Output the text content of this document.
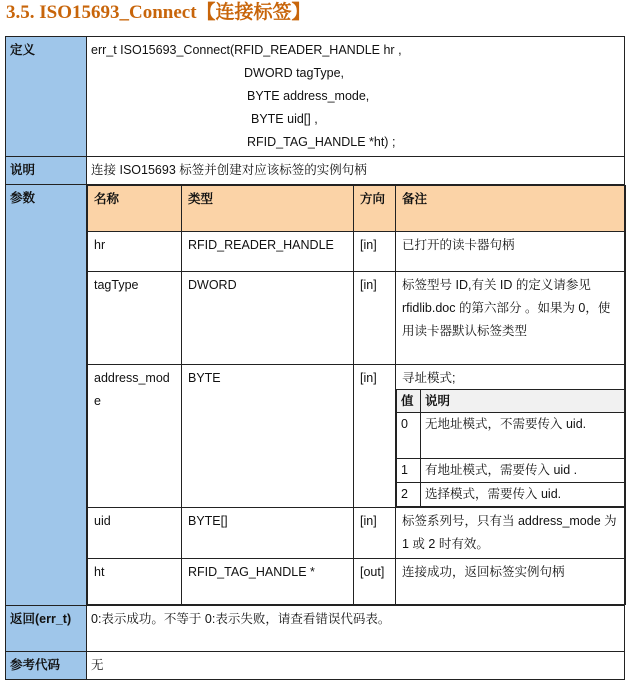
3.5. ISO15693_Connect【连接标签】
定义	err_t ISO15693_Connect(RFID_READER_HANDLE hr ,
DWORD tagType,
BYTE address_mode,
BYTE uid[] ,
RFID_TAG_HANDLE *ht) ;

说明	连接 ISO15693 标签并创建对应该标签的实例句柄
参数		名称	类型	方向	备注
hr	RFID_READER_HANDLE	[in]	已打开的读卡器句柄
tagType	DWORD	[in]	标签型号 ID,有关 ID 的定义请参见 rfidlib.doc 的第六部分 。如果为 0，使用读卡器默认标签类型
address_mode	BYTE	[in]	寻址模式;
值	说明
0	无地址模式，不需要传入 uid.
1	有地址模式，需要传入 uid .
2	选择模式，需要传入 uid.

uid	BYTE[]	[in]	标签系列号，只有当 address_mode 为 1 或 2 时有效。
ht	RFID_TAG_HANDLE *	[out]	连接成功，返回标签实例句柄

返回(err_t)	0:表示成功。不等于 0:表示失败，请查看错误代码表。
参考代码	无
